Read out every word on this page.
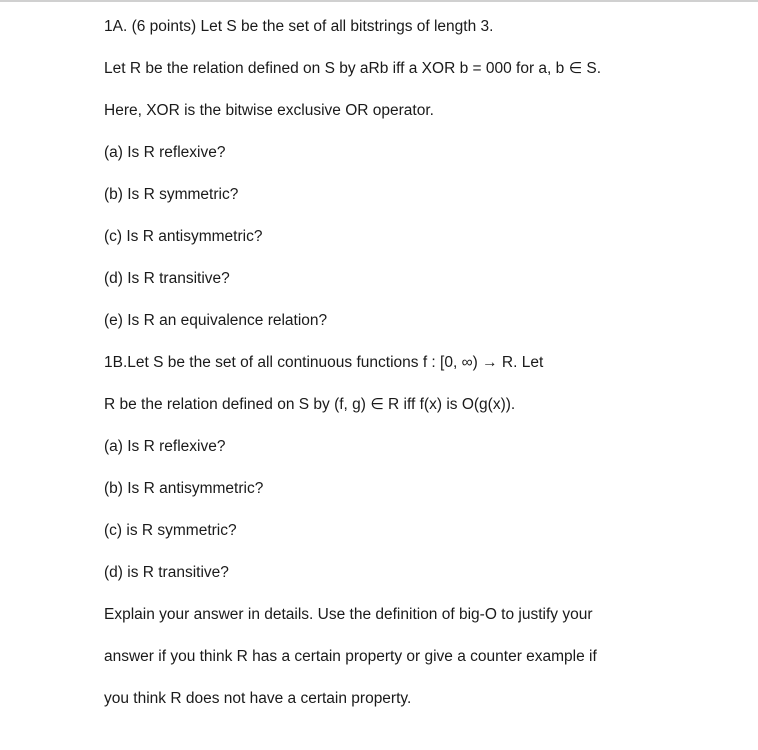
1A. (6 points) Let S be the set of all bitstrings of length 3.
Let R be the relation defined on S by aRb iff a XOR b = 000 for a, b ∈ S.
Here, XOR is the bitwise exclusive OR operator.
(a) Is R reflexive?
(b) Is R symmetric?
(c) Is R antisymmetric?
(d) Is R transitive?
(e) Is R an equivalence relation?
1B.Let S be the set of all continuous functions f : [0, ∞) → R. Let
R be the relation defined on S by (f, g) ∈ R iff f(x) is O(g(x)).
(a) Is R reflexive?
(b) Is R antisymmetric?
(c) is R symmetric?
(d) is R transitive?
Explain your answer in details. Use the definition of big-O to justify your
answer if you think R has a certain property or give a counter example if
you think R does not have a certain property.
